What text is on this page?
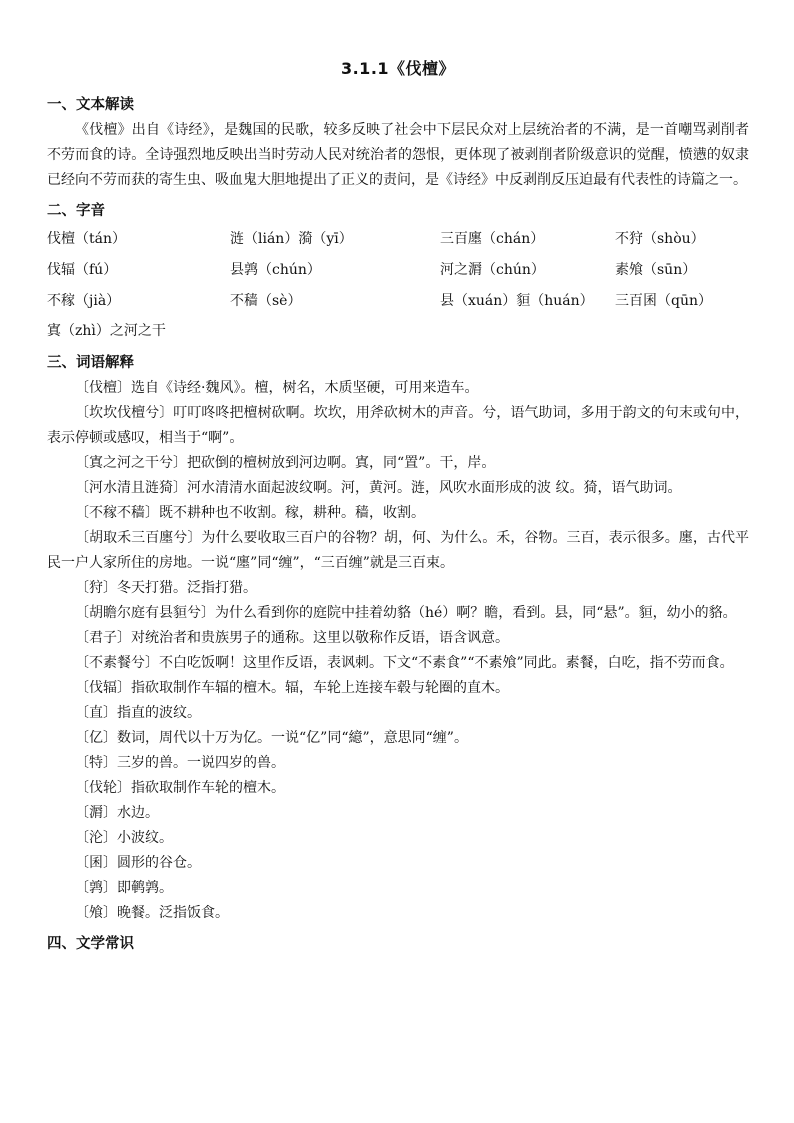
3.1.1《伐檀》
一、文本解读

《伐檀》出自《诗经》，是魏国的民歌，较多反映了社会中下层民众对上层统治者的不满，是一首嘲骂剥削者不劳而食的诗。全诗强烈地反映出当时劳动人民对统治者的怨恨，更体现了被剥削者阶级意识的觉醒，愤懑的奴隶已经向不劳而获的寄生虫、吸血鬼大胆地提出了正义的责问，是《诗经》中反剥削反压迫最有代表性的诗篇之一。

二、字音
伐檀（tán）	涟（lián）漪（yī）	三百廛（chán）	不狩（shòu）
伐辐（fú）	县鹑（chún）	河之漘（chún）	素飧（sūn）
不稼（jià）	不穑（sè）	县（xuán）貆（huán）	三百囷（qūn）
寘（zhì）之河之干
三、词语解释

〔伐檀〕选自《诗经·魏风》。檀，树名，木质坚硬，可用来造车。

〔坎坎伐檀兮〕叮叮咚咚把檀树砍啊。坎坎，用斧砍树木的声音。兮，语气助词，多用于韵文的句末或句中，表示停顿或感叹，相当于“啊”。

〔寘之河之干兮〕把砍倒的檀树放到河边啊。寘，同“置”。干，岸。

〔河水清且涟猗〕河水清清水面起波纹啊。河，黄河。涟，风吹水面形成的波 纹。猗，语气助词。

〔不稼不穑〕既不耕种也不收割。稼，耕种。穑，收割。

〔胡取禾三百廛兮〕为什么要收取三百户的谷物？胡，何、为什么。禾，谷物。三百，表示很多。廛，古代平民一户人家所住的房地。一说“廛”同“缠”，“三百缠”就是三百束。

〔狩〕冬天打猎。泛指打猎。

〔胡瞻尔庭有县貆兮〕为什么看到你的庭院中挂着幼貉（hé）啊？瞻，看到。县，同“悬”。貆，幼小的貉。

〔君子〕对统治者和贵族男子的通称。这里以敬称作反语，语含讽意。

〔不素餐兮〕不白吃饭啊！这里作反语，表讽刺。下文“不素食”“不素飧”同此。素餐，白吃，指不劳而食。

〔伐辐〕指砍取制作车辐的檀木。辐，车轮上连接车毂与轮圈的直木。

〔直〕指直的波纹。

〔亿〕数词，周代以十万为亿。一说“亿”同“繶”，意思同“缠”。

〔特〕三岁的兽。一说四岁的兽。

〔伐轮〕指砍取制作车轮的檀木。

〔漘〕水边。

〔沦〕小波纹。

〔囷〕圆形的谷仓。

〔鹑〕即鹌鹑。

〔飧〕晚餐。泛指饭食。

四、文学常识
